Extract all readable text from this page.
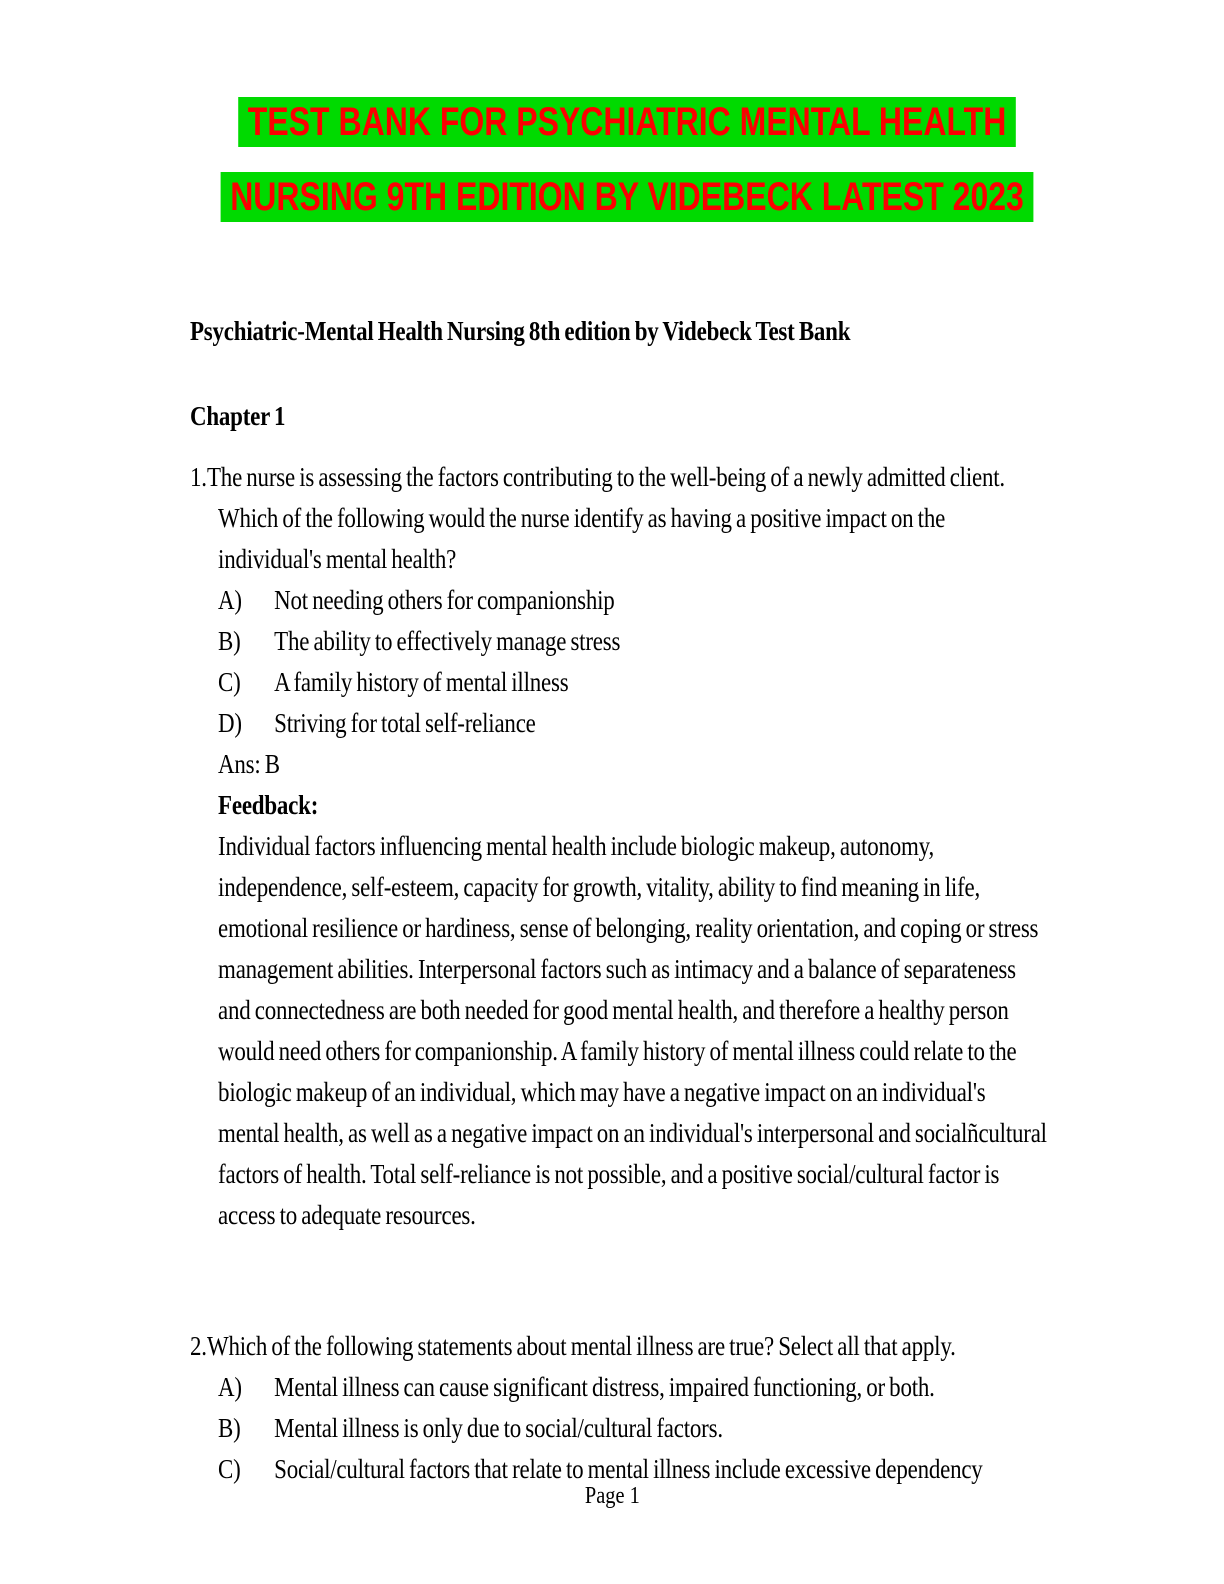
TEST BANK FOR PSYCHIATRIC MENTAL HEALTH
NURSING 9TH EDITION BY VIDEBECK LATEST 2023
Psychiatric-Mental Health Nursing 8th edition by Videbeck Test Bank
Chapter 1
1. The nurse is assessing the factors contributing to the well-being of a newly admitted client. Which of the following would the nurse identify as having a positive impact on the individual's mental health?
A)	Not needing others for companionship
B)	The ability to effectively manage stress
C)	A family history of mental illness
D)	Striving for total self-reliance
Ans: B
Feedback:
Individual factors influencing mental health include biologic makeup, autonomy, independence, self-esteem, capacity for growth, vitality, ability to find meaning in life, emotional resilience or hardiness, sense of belonging, reality orientation, and coping or stress management abilities. Interpersonal factors such as intimacy and a balance of separateness and connectedness are both needed for good mental health, and therefore a healthy person would need others for companionship. A family history of mental illness could relate to the biologic makeup of an individual, which may have a negative impact on an individual's mental health, as well as a negative impact on an individual's interpersonal and socialñcultural factors of health. Total self-reliance is not possible, and a positive social/cultural factor is access to adequate resources.
2. Which of the following statements about mental illness are true? Select all that apply.
A)	Mental illness can cause significant distress, impaired functioning, or both.
B)	Mental illness is only due to social/cultural factors.
C)	Social/cultural factors that relate to mental illness include excessive dependency
Page 1
